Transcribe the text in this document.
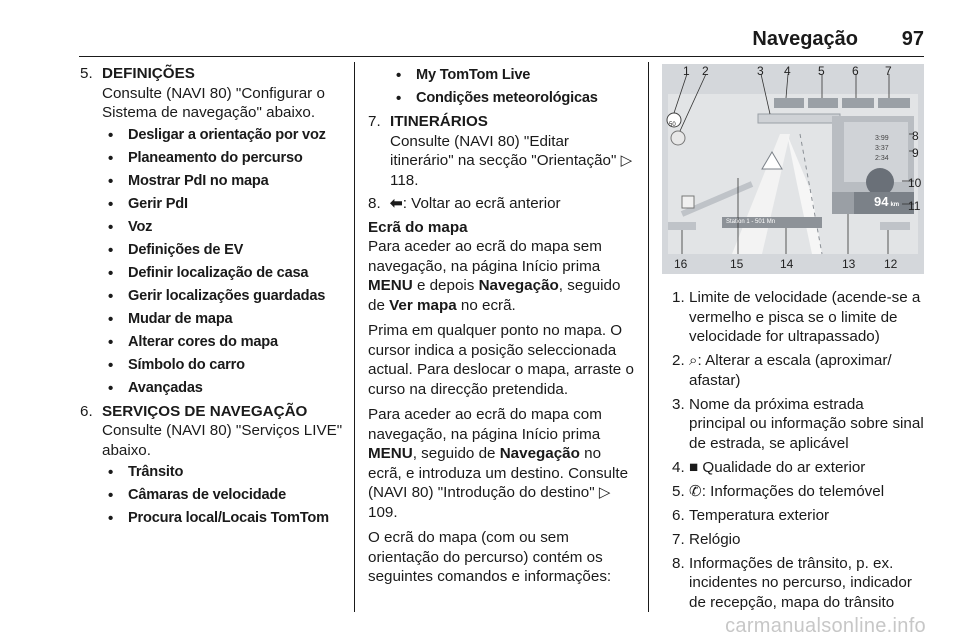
Navegação 97
5. DEFINIÇÕES
Consulte (NAVI 80) "Configurar o Sistema de navegação" abaixo.
• Desligar a orientação por voz
• Planeamento do percurso
• Mostrar PdI no mapa
• Gerir PdI
• Voz
• Definições de EV
• Definir localização de casa
• Gerir localizações guardadas
• Mudar de mapa
• Alterar cores do mapa
• Símbolo do carro
• Avançadas
6. SERVIÇOS DE NAVEGAÇÃO
Consulte (NAVI 80) "Serviços LIVE" abaixo.
• Trânsito
• Câmaras de velocidade
• Procura local/Locais TomTom
• My TomTom Live
• Condições meteorológicas
7. ITINERÁRIOS
Consulte (NAVI 80) "Editar itinerário" na secção "Orientação" ▷ 118.
8. ⬅: Voltar ao ecrã anterior
Ecrã do mapa

Para aceder ao ecrã do mapa sem navegação, na página Início prima MENU e depois Navegação, seguido de Ver mapa no ecrã.

Prima em qualquer ponto no mapa. O cursor indica a posição seleccionada actual. Para deslocar o mapa, arraste o curso na direcção pretendida.

Para aceder ao ecrã do mapa com navegação, na página Início prima MENU, seguido de Navegação no ecrã, e introduza um destino. Consulte (NAVI 80) "Introdução do destino" ▷ 109.

O ecrã do mapa (com ou sem orientação do percurso) contém os seguintes comandos e informações:

50
94 km
3:99
3:37
2:34
Station 1 - 501 Mn
1 2	3 4 5 6 7
8
9
10
11
16	15	14	13 12
1. Limite de velocidade (acende-se a vermelho e pisca se o limite de velocidade for ultrapassado)
2. ⌕: Alterar a escala (aproximar/ afastar)
3. Nome da próxima estrada principal ou informação sobre sinal de estrada, se aplicável
4. ■ Qualidade do ar exterior
5. ✆: Informações do telemóvel
6. Temperatura exterior
7. Relógio
8. Informações de trânsito, p. ex. incidentes no percurso, indicador de recepção, mapa do trânsito
carmanualsonline.info
